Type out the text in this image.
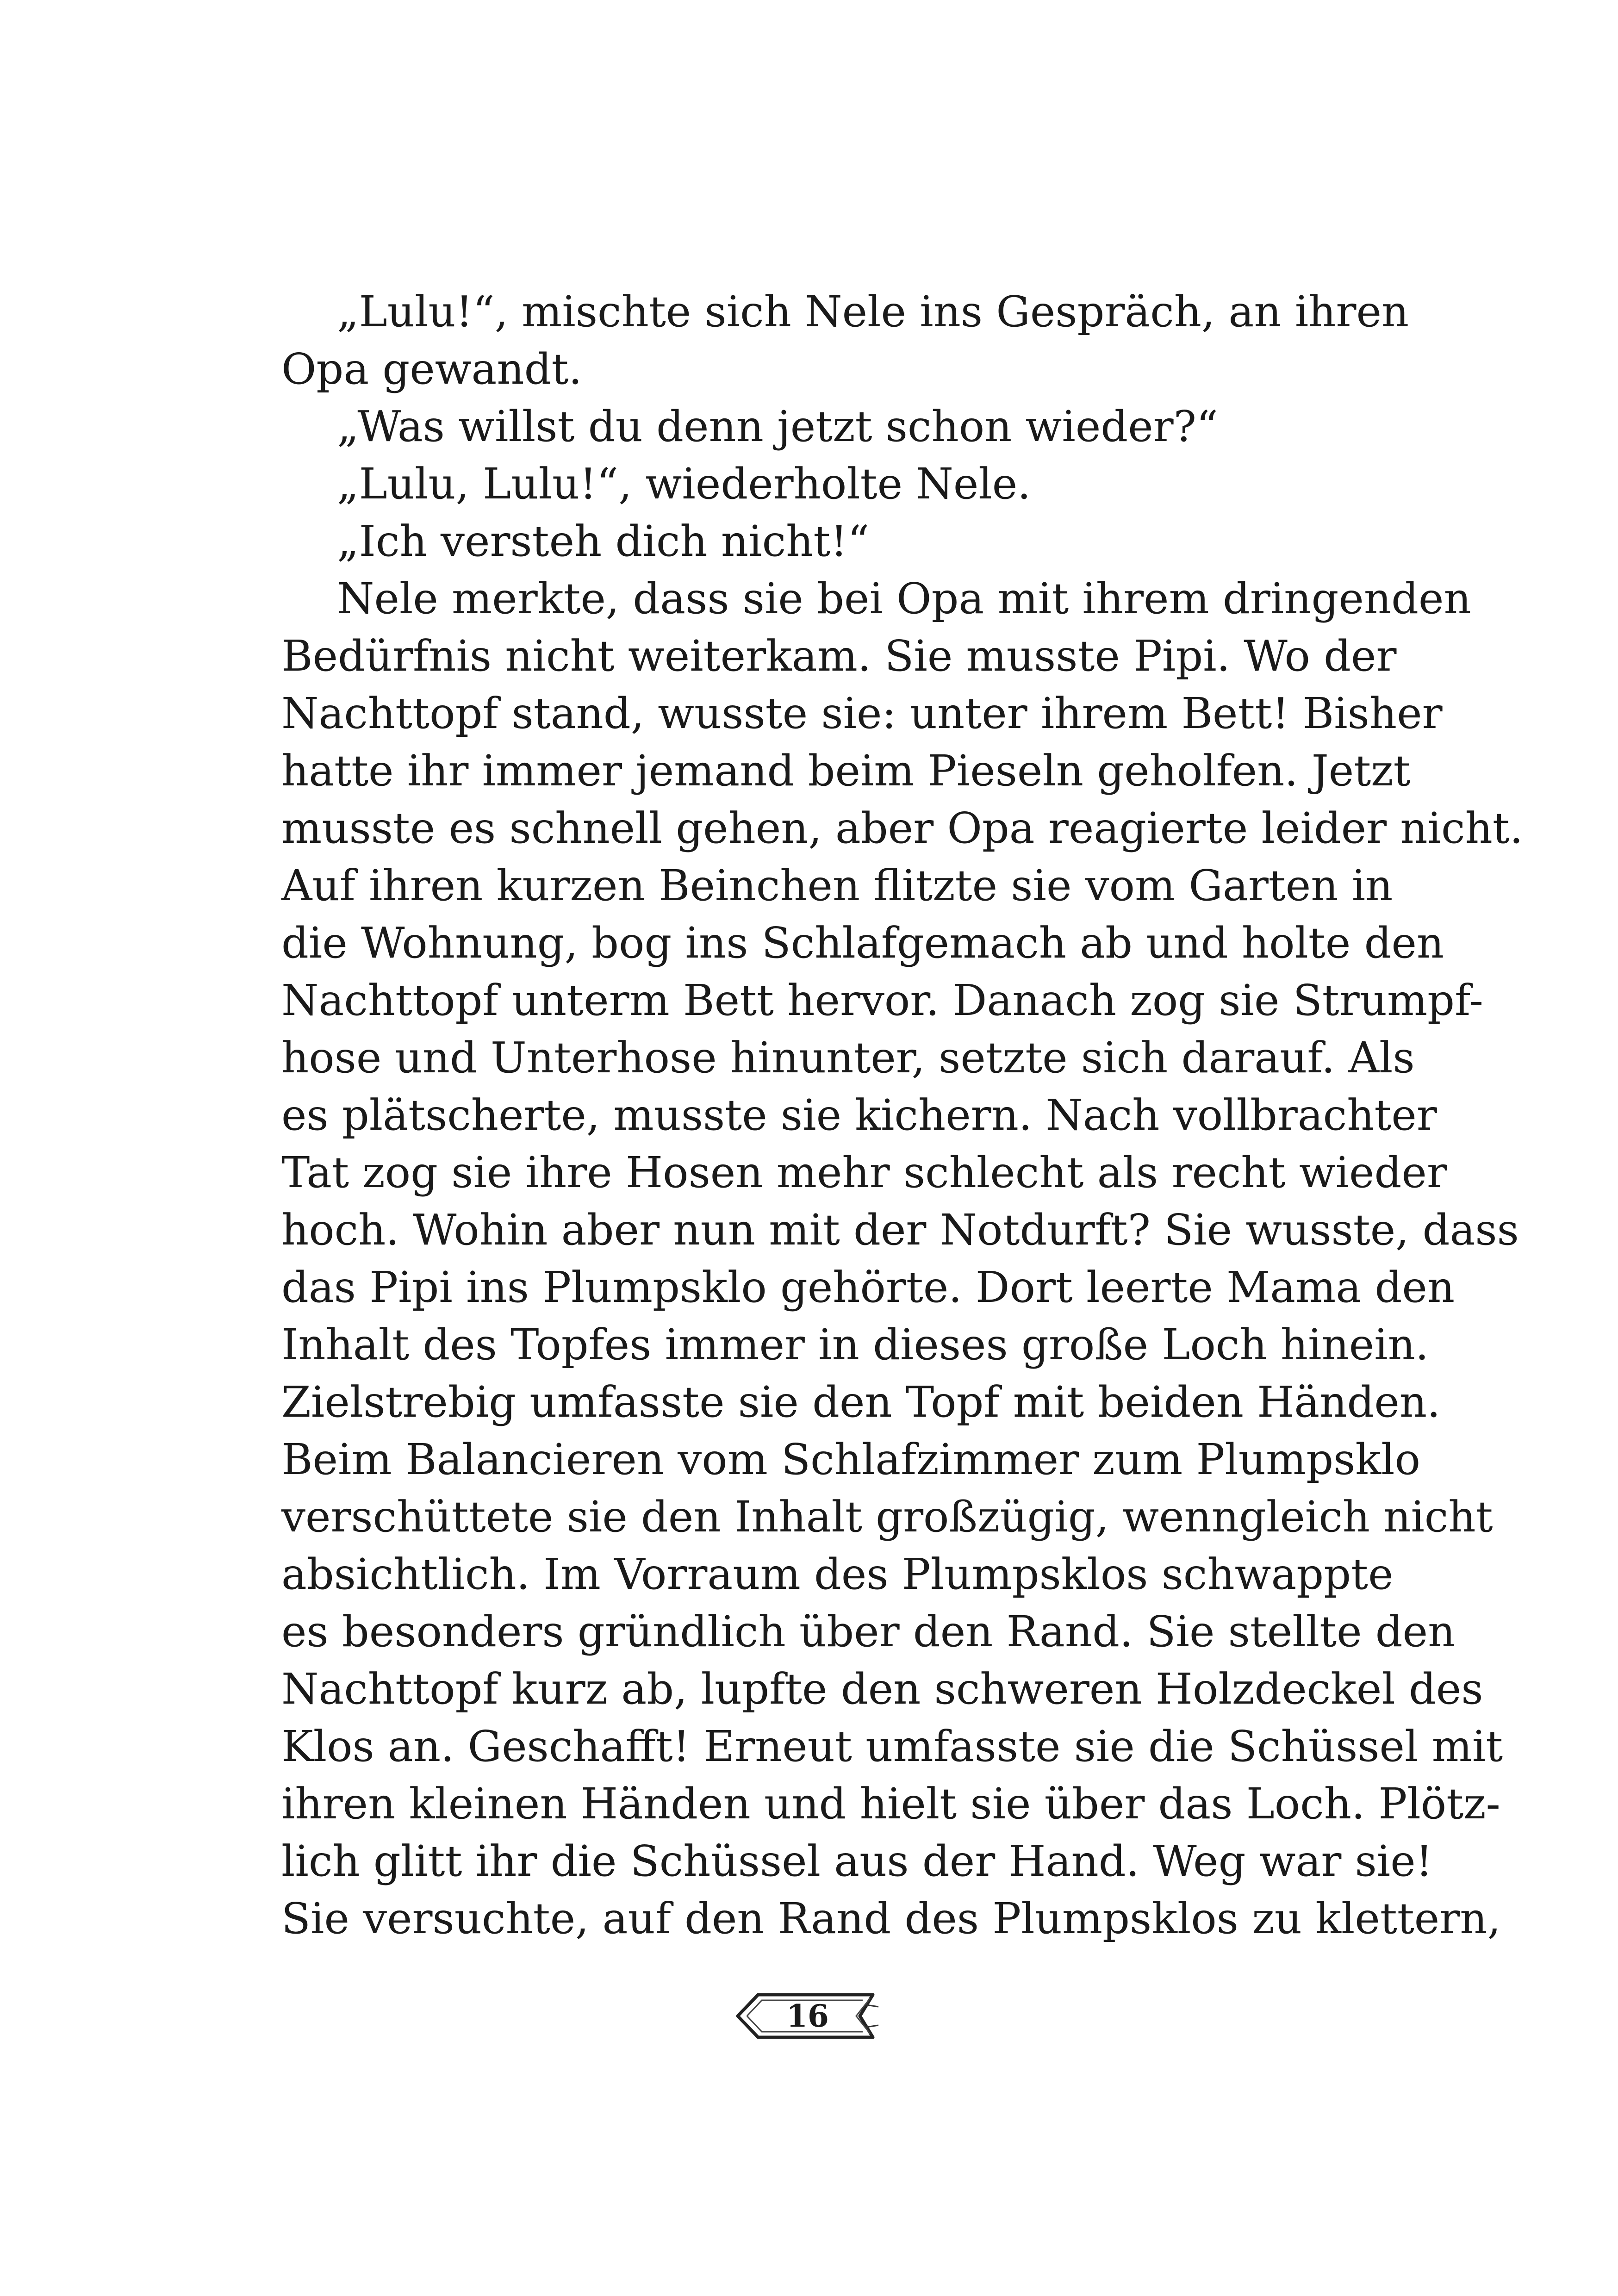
„Lulu!“, mischte sich Nele ins Gespräch, an ihren
Opa gewandt.
„Was willst du denn jetzt schon wieder?“
„Lulu, Lulu!“, wiederholte Nele.
„Ich versteh dich nicht!“
Nele merkte, dass sie bei Opa mit ihrem dringenden
Bedürfnis nicht weiterkam. Sie musste Pipi. Wo der
Nachttopf stand, wusste sie: unter ihrem Bett! Bisher
hatte ihr immer jemand beim Pieseln geholfen. Jetzt
musste es schnell gehen, aber Opa reagierte leider nicht.
Auf ihren kurzen Beinchen flitzte sie vom Garten in
die Wohnung, bog ins Schlafgemach ab und holte den
Nachttopf unterm Bett hervor. Danach zog sie Strumpf-
hose und Unterhose hinunter, setzte sich darauf. Als
es plätscherte, musste sie kichern. Nach vollbrachter
Tat zog sie ihre Hosen mehr schlecht als recht wieder
hoch. Wohin aber nun mit der Notdurft? Sie wusste, dass
das Pipi ins Plumpsklo gehörte. Dort leerte Mama den
Inhalt des Topfes immer in dieses große Loch hinein.
Zielstrebig umfasste sie den Topf mit beiden Händen.
Beim Balancieren vom Schlafzimmer zum Plumpsklo
verschüttete sie den Inhalt großzügig, wenngleich nicht
absichtlich. Im Vorraum des Plumpsklos schwappte
es besonders gründlich über den Rand. Sie stellte den
Nachttopf kurz ab, lupfte den schweren Holzdeckel des
Klos an. Geschafft! Erneut umfasste sie die Schüssel mit
ihren kleinen Händen und hielt sie über das Loch. Plötz-
lich glitt ihr die Schüssel aus der Hand. Weg war sie!
Sie versuchte, auf den Rand des Plumpsklos zu klettern,
16
